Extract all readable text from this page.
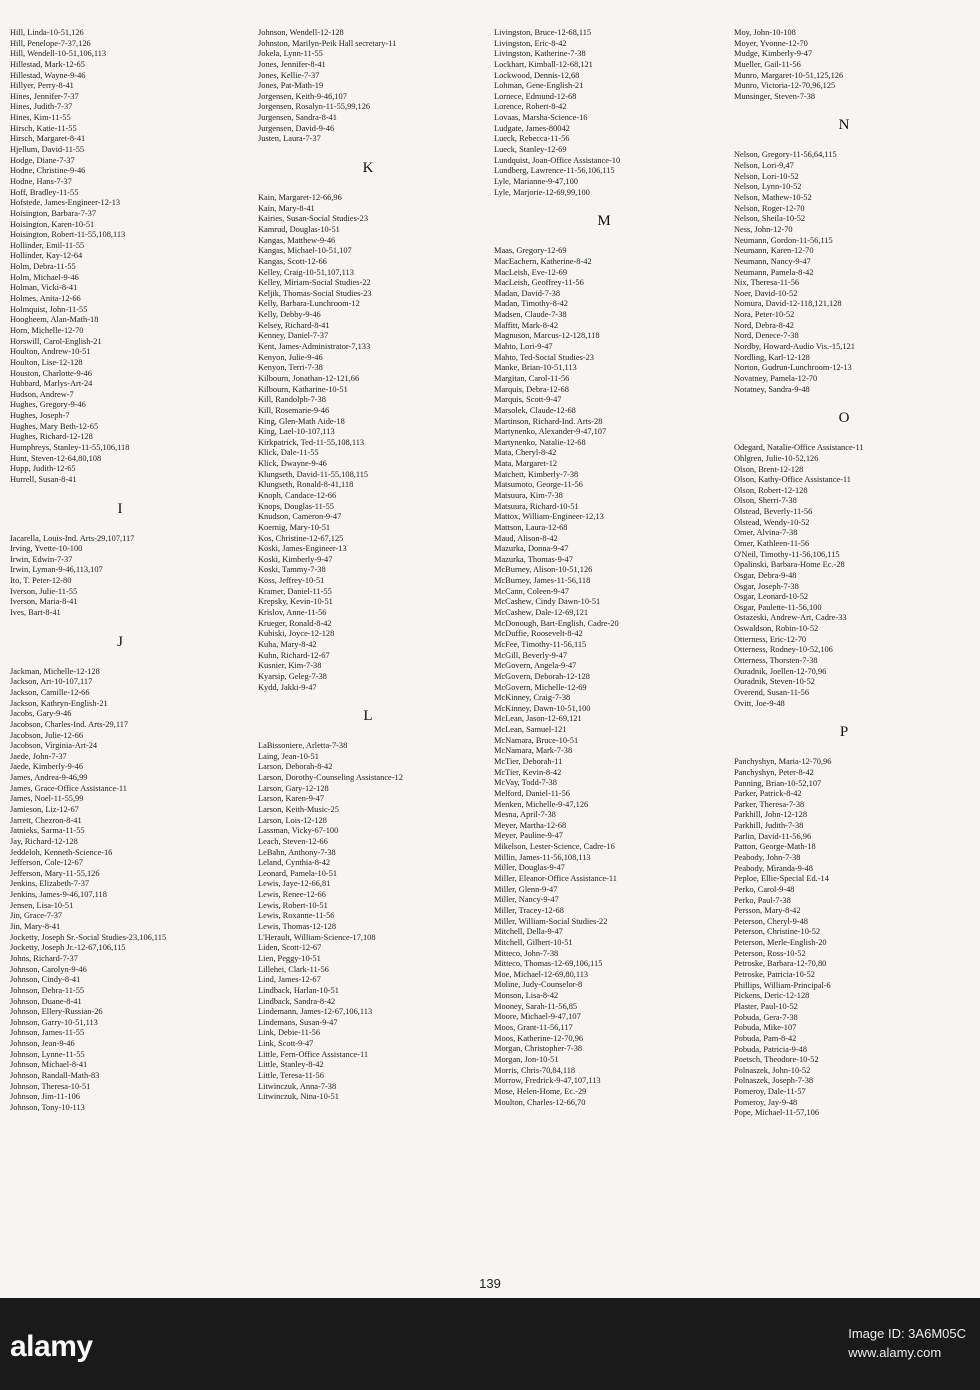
Hill, Linda-10-51,126
Hill, Penelope-7-37,126
Hill, Wendell-10-51,106,113
Hillestad, Mark-12-65
Hillestad, Wayne-9-46
Hillyer, Perry-8-41
Hines, Jennifer-7-37
Hines, Judith-7-37
Hines, Kim-11-55
Hirsch, Katie-11-55
Hirsch, Margaret-8-41
Hjellum, David-11-55
Hodge, Diane-7-37
Hodne, Christine-9-46
Hodne, Hans-7-37
Hoff, Bradley-11-55
Hofstede, James-Engineer-12-13
Hoisington, Barbara-7-37
Hoisington, Karen-10-51
Hoisington, Robert-11-55,108,113
Hollinder, Emil-11-55
Hollinder, Kay-12-64
Holm, Debra-11-55
Holm, Michael-9-46
Holman, Vicki-8-41
Holmes, Anita-12-66
Holmquist, John-11-55
Hoogheem, Alan-Math-18
Horn, Michelle-12-70
Horswill, Carol-English-21
Houlton, Andrew-10-51
Houlton, Lise-12-128
Houston, Charlotte-9-46
Hubbard, Marlys-Art-24
Hudson, Andrew-7
Hughes, Gregory-9-46
Hughes, Joseph-7
Hughes, Mary Beth-12-65
Hughes, Richard-12-128
Humphreys, Stanley-11-55,106,118
Hunt, Steven-12-64,80,108
Hupp, Judith-12-65
Hurrell, Susan-8-41
I
Iacarella, Louis-Ind. Arts-29,107,117
Irving, Yvette-10-100
Irwin, Edwin-7-37
Irwin, Lyman-9-46,113,107
Ito, T. Peter-12-80
Iverson, Julie-11-55
Iverson, Maria-8-41
Ives, Bart-8-41
J
Jackman, Michelle-12-128
Jackson, Art-10-107,117
Jackson, Camille-12-66
Jackson, Kathryn-English-21
Jacobs, Gary-9-46
Jacobson, Charles-Ind. Arts-29,117
Jacobson, Julie-12-66
Jacobson, Virginia-Art-24
Jaede, John-7-37
Jaede, Kimberly-9-46
James, Andrea-9-46,99
James, Grace-Office Assistance-11
James, Noel-11-55,99
Jamieson, Liz-12-67
Jarrett, Chezron-8-41
Jatnieks, Sarma-11-55
Jay, Richard-12-128
Jeddeloh, Kenneth-Science-16
Jefferson, Cole-12-67
Jefferson, Mary-11-55,126
Jenkins, Elizabeth-7-37
Jenkins, James-9-46,107,118
Jensen, Lisa-10-51
Jin, Grace-7-37
Jin, Mary-8-41
Jocketty, Joseph Sr.-Social Studies-23,106,115
Jocketty, Joseph Jr.-12-67,106,115
Johns, Richard-7-37
Johnson, Carolyn-9-46
Johnson, Cindy-8-41
Johnson, Debra-11-55
Johnson, Duane-8-41
Johnson, Ellery-Russian-26
Johnson, Garry-10-51,113
Johnson, James-11-55
Johnson, Jean-9-46
Johnson, Lynne-11-55
Johnson, Michael-8-41
Johnson, Randall-Math-83
Johnson, Theresa-10-51
Johnson, Jim-11-106
Johnson, Tony-10-113
Johnson, Wendell-12-128
Johnston, Marilyn-Peik Hall secretary-11
Jokela, Lynn-11-55
Jones, Jennifer-8-41
Jones, Kellie-7-37
Jones, Pat-Math-19
Jorgensen, Keith-9-46,107
Jorgensen, Rosalyn-11-55,99,126
Jurgensen, Sandra-8-41
Jurgensen, David-9-46
Justen, Laura-7-37
K
Kain, Margaret-12-66,96
Kain, Mary-8-41
Kairies, Susan-Social Studies-23
Kamrud, Douglas-10-51
Kangas, Matthew-9-46
Kangas, Michael-10-51,107
Kangas, Scott-12-66
Kelley, Craig-10-51,107,113
Kelley, Miriam-Social Studies-22
Keljik, Thomas-Social Studies-23
Kelly, Barbara-Lunchroom-12
Kelly, Debby-9-46
Kelsey, Richard-8-41
Kenney, Daniel-7-37
Kent, James-Administrator-7,133
Kenyon, Julie-9-46
Kenyon, Terri-7-38
Kilbourn, Jonathan-12-121,66
Kilbourn, Katharine-10-51
Kill, Randolph-7-38
Kill, Rosemarie-9-46
King, Glen-Math Aide-18
King, Lael-10-107,113
Kirkpatrick, Ted-11-55,108,113
Klick, Dale-11-55
Klick, Dwayne-9-46
Klungseth, David-11-55,108,115
Klungseth, Ronald-8-41,118
Knoph, Candace-12-66
Knops, Douglas-11-55
Knudson, Cameron-9-47
Koernig, Mary-10-51
Kos, Christine-12-67,125
Koski, James-Engineer-13
Koski, Kimberly-9-47
Koski, Tammy-7-38
Koss, Jeffrey-10-51
Kramer, Daniel-11-55
Krepsky, Kevin-10-51
Krislov, Anne-11-56
Krueger, Ronald-8-42
Kubiski, Joyce-12-128
Kuha, Mary-8-42
Kuhn, Richard-12-67
Kusnier, Kim-7-38
Kyarsip, Geleg-7-38
Kydd, Jakki-9-47
L
LaBissoniere, Arletta-7-38
Laing, Jean-10-51
Larson, Deborah-8-42
Larson, Dorothy-Counseling Assistance-12
Larson, Gary-12-128
Larson, Karen-9-47
Larson, Keith-Music-25
Larson, Lois-12-128
Lassman, Vicky-67-100
Leach, Steven-12-66
LeBahn, Anthony-7-38
Leland, Cynthia-8-42
Leonard, Pamela-10-51
Lewis, Jaye-12-66,81
Lewis, Renee-12-66
Lewis, Robert-10-51
Lewis, Roxanne-11-56
Lewis, Thomas-12-128
L'Herault, William-Science-17,108
Liden, Scott-12-67
Lien, Peggy-10-51
Lillehei, Clark-11-56
Lind, James-12-67
Lindback, Harlan-10-51
Lindback, Sandra-8-42
Lindemann, James-12-67,106,113
Lindemans, Susan-9-47
Link, Debie-11-56
Link, Scott-9-47
Little, Fern-Office Assistance-11
Little, Stanley-8-42
Little, Teresa-11-56
Litwinczuk, Anna-7-38
Litwinczuk, Nina-10-51
Livingston, Bruce-12-68,115
Livingston, Eric-8-42
Livingston, Katherine-7-38
Lockhart, Kimball-12-68,121
Lockwood, Dennis-12,68
Lohman, Gene-English-21
Lornece, Edmund-12-68
Lorence, Robert-8-42
Lovaas, Marsha-Science-16
Ludgate, James-80042
Lueck, Rebecca-11-56
Lueck, Stanley-12-69
Lundquist, Joan-Office Assistance-10
Lundberg, Lawrence-11-56,106,115
Lyle, Marianne-9-47,100
Lyle, Marjorie-12-69,99,100
M
Maas, Gregory-12-69
MacEachern, Katherine-8-42
MacLeish, Eve-12-69
MacLeish, Geoffrey-11-56
Madan, David-7-38
Madan, Timothy-8-42
Madsen, Claude-7-38
Maffitt, Mark-8-42
Magnuson, Marcus-12-128,118
Mahto, Lori-9-47
Mahto, Ted-Social Studies-23
Manke, Brian-10-51,113
Margitan, Carol-11-56
Marquis, Debra-12-68
Marquis, Scott-9-47
Marsolek, Claude-12-68
Martinson, Richard-Ind. Arts-28
Martynenko, Alexander-9-47,107
Martynenko, Natalie-12-68
Mata, Cheryl-8-42
Mata, Margaret-12
Matchett, Kimberly-7-38
Matsumoto, George-11-56
Matsuura, Kim-7-38
Matsuura, Richard-10-51
Mattox, William-Engineer-12,13
Mattson, Laura-12-68
Maud, Alison-8-42
Mazurka, Donna-9-47
Mazurka, Thomas-9-47
McBurney, Alison-10-51,126
McBurney, James-11-56,118
McCann, Coleen-9-47
McCashew, Cindy Dawn-10-51
McCashew, Dale-12-69,121
McDonough, Bart-English, Cadre-20
McDuffie, Roosevelt-8-42
McFee, Timothy-11-56,115
McGill, Beverly-9-47
McGovern, Angela-9-47
McGovern, Deborah-12-128
McGovern, Michelle-12-69
McKinney, Craig-7-38
McKinney, Dawn-10-51,100
McLean, Jason-12-69,121
McLean, Samuel-121
McNamara, Bruce-10-51
McNamara, Mark-7-38
McTier, Deborah-11
McTier, Kevin-8-42
McVay, Todd-7-38
Melford, Daniel-11-56
Menken, Michelle-9-47,126
Mesna, April-7-38
Meyer, Martha-12-68
Meyer, Pauline-9-47
Mikelson, Lester-Science, Cadre-16
Millin, James-11-56,108,113
Miller, Douglas-9-47
Miller, Eleanor-Office Assistance-11
Miller, Glenn-9-47
Miller, Nancy-9-47
Miller, Tracey-12-68
Miller, William-Social Studies-22
Mitchell, Della-9-47
Mitchell, Gilbert-10-51
Mitteco, John-7-38
Mitteco, Thomas-12-69,106,115
Moe, Michael-12-69,80,113
Moline, Judy-Counselor-8
Monson, Lisa-8-42
Mooney, Sarah-11-56,85
Moore, Michael-9-47,107
Moos, Grant-11-56,117
Moos, Katherine-12-70,96
Morgan, Christopher-7-38
Morgan, Jon-10-51
Morris, Chris-70,84,118
Morrow, Fredrick-9-47,107,113
Mose, Helen-Home, Ec.-29
Moulton, Charles-12-66,70
Moy, John-10-108
Moyer, Yvonne-12-70
Mudge, Kimberly-9-47
Mueller, Gail-11-56
Munro, Margaret-10-51,125,126
Munro, Victoria-12-70,96,125
Munsinger, Steven-7-38
N
Nelson, Gregory-11-56,64,115
Nelson, Lori-9,47
Nelson, Lori-10-52
Nelson, Lynn-10-52
Nelson, Mathew-10-52
Nelson, Roger-12-70
Nelson, Sheila-10-52
Ness, John-12-70
Neumann, Gordon-11-56,115
Neumann, Karen-12-70
Neumann, Nancy-9-47
Neumann, Pamela-8-42
Nix, Theresa-11-56
Noer, David-10-52
Nomura, David-12-118,121,128
Nora, Peter-10-52
Nord, Debra-8-42
Nord, Denece-7-38
Nordby, Howard-Audio Vis.-15,121
Nordling, Karl-12-128
Norton, Gudrun-Lunchroom-12-13
Novatney, Pamela-12-70
Notatney, Sandra-9-48
O
Odegard, Natalie-Office Assistance-11
Ohlgren, Julie-10-52,126
Olson, Brent-12-128
Olson, Kathy-Office Assistance-11
Olson, Robert-12-128
Olson, Sherri-7-38
Olstead, Beverly-11-56
Olstead, Wendy-10-52
Omer, Alvina-7-38
Omer, Kathleen-11-56
O'Neil, Timothy-11-56,106,115
Opalinski, Barbara-Home Ec.-28
Osgar, Debra-9-48
Osgar, Joseph-7-38
Osgar, Leonard-10-52
Osgar, Paulette-11-56,100
Ostazeski, Andrew-Art, Cadre-33
Oswaldson, Robin-10-52
Otterness, Eric-12-70
Otterness, Rodney-10-52,106
Otterness, Thorsten-7-38
Ouradnik, Joellen-12-70,96
Ouradnik, Steven-10-52
Overend, Susan-11-56
Ovitt, Joe-9-48
P
Panchyshyn, Maria-12-70,96
Panchyshyn, Peter-8-42
Panning, Brian-10-52,107
Parker, Patrick-8-42
Parker, Theresa-7-38
Parkhill, John-12-128
Parkhill, Judith-7-38
Parlin, David-11-56,96
Patton, George-Math-18
Peabody, John-7-38
Peabody, Miranda-9-48
Peploe, Ellie-Special Ed.-14
Perko, Carol-9-48
Perko, Paul-7-38
Persson, Mary-8-42
Peterson, Cheryl-9-48
Peterson, Christine-10-52
Peterson, Merle-English-20
Peterson, Ross-10-52
Petroske, Barbara-12-70,80
Petroske, Patricia-10-52
Phillips, William-Principal-6
Pickens, Deric-12-128
Plaster, Paul-10-52
Pobuda, Gera-7-38
Pobuda, Mike-107
Pobuda, Pam-8-42
Pobuda, Patricia-9-48
Poetsch, Theodore-10-52
Polnaszek, John-10-52
Polnaszek, Joseph-7-38
Pomeroy, Dale-11-57
Pomeroy, Jay-9-48
Pope, Michael-11-57,106
139
alamy	Image ID: 3A6M05C
www.alamy.com
